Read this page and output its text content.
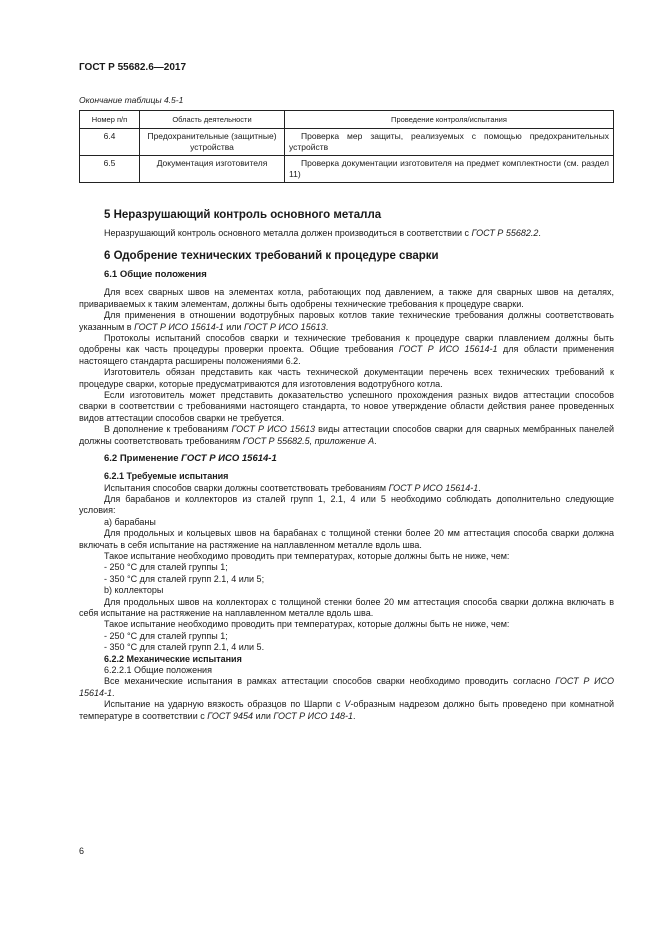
ГОСТ Р 55682.6—2017
Окончание таблицы 4.5-1
Номер п/п	Область деятельности	Проведение контроля/испытания
6.4	Предохранительные (защитные) устройства	Проверка мер защиты, реализуемых с помощью предохранительных устройств
6.5	Документация изготовителя	Проверка документации изготовителя на предмет комплектности (см. раздел 11)
5 Неразрушающий контроль основного металла

Неразрушающий контроль основного металла должен производиться в соответствии с ГОСТ Р 55682.2.

6 Одобрение технических требований к процедуре сварки
6.1 Общие положения

Для всех сварных швов на элементах котла, работающих под давлением, а также для сварных швов на деталях, привариваемых к таким элементам, должны быть одобрены технические требования к процедуре сварки.

Для применения в отношении водотрубных паровых котлов такие технические требования должны соответствовать указанным в ГОСТ Р ИСО 15614-1 или ГОСТ Р ИСО 15613.

Протоколы испытаний способов сварки и технические требования к процедуре сварки плавлением должны быть одобрены как часть процедуры проверки проекта. Общие требования ГОСТ Р ИСО 15614-1 для области применения настоящего стандарта расширены положениями 6.2.

Изготовитель обязан представить как часть технической документации перечень всех технических требований к процедуре сварки, которые предусматриваются для изготовления водотрубного котла.

Если изготовитель может представить доказательство успешного прохождения разных видов аттестации способов сварки в соответствии с требованиями настоящего стандарта, то новое утверждение области действия ранее проведенных видов аттестации способов сварки не требуется.

В дополнение к требованиям ГОСТ Р ИСО 15613 виды аттестации способов сварки для сварных мембранных панелей должны соответствовать требованиям ГОСТ Р 55682.5, приложение А.

6.2 Применение ГОСТ Р ИСО 15614-1
6.2.1 Требуемые испытания

Испытания способов сварки должны соответствовать требованиям ГОСТ Р ИСО 15614-1.

Для барабанов и коллекторов из сталей групп 1, 2.1, 4 или 5 необходимо соблюдать дополнительно следующие условия:

а) барабаны

Для продольных и кольцевых швов на барабанах с толщиной стенки более 20 мм аттестация способа сварки должна включать в себя испытание на растяжение на наплавленном металле вдоль шва.

Такое испытание необходимо проводить при температурах, которые должны быть не ниже, чем:

- 250 °С для сталей группы 1;

- 350 °С для сталей групп 2.1, 4 или 5;

b) коллекторы

Для продольных швов на коллекторах с толщиной стенки более 20 мм аттестация способа сварки должна включать в себя испытание на растяжение на наплавленном металле вдоль шва.

Такое испытание необходимо проводить при температурах, которые должны быть не ниже, чем:

- 250 °С для сталей группы 1;

- 350 °С для сталей групп 2.1, 4 или 5.

6.2.2 Механические испытания

6.2.2.1 Общие положения

Все механические испытания в рамках аттестации способов сварки необходимо проводить согласно ГОСТ Р ИСО 15614-1.

Испытание на ударную вязкость образцов по Шарпи с V-образным надрезом должно быть проведено при комнатной температуре в соответствии с ГОСТ 9454 или ГОСТ Р ИСО 148-1.

6
